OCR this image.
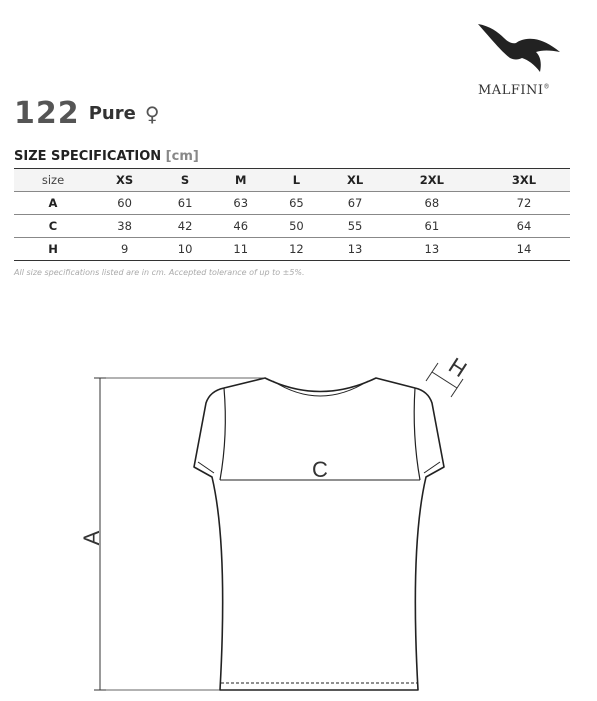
MALFINI®
122 Pure ♀
SIZE SPECIFICATION [cm]
size	XS	S	M	L	XL	2XL	3XL
A	60	61	63	65	67	68	72
C	38	42	46	50	55	61	64
H	9	10	11	12	13	13	14
All size specifications listed are in cm. Accepted tolerance of up to ±5%.
A
C
H
